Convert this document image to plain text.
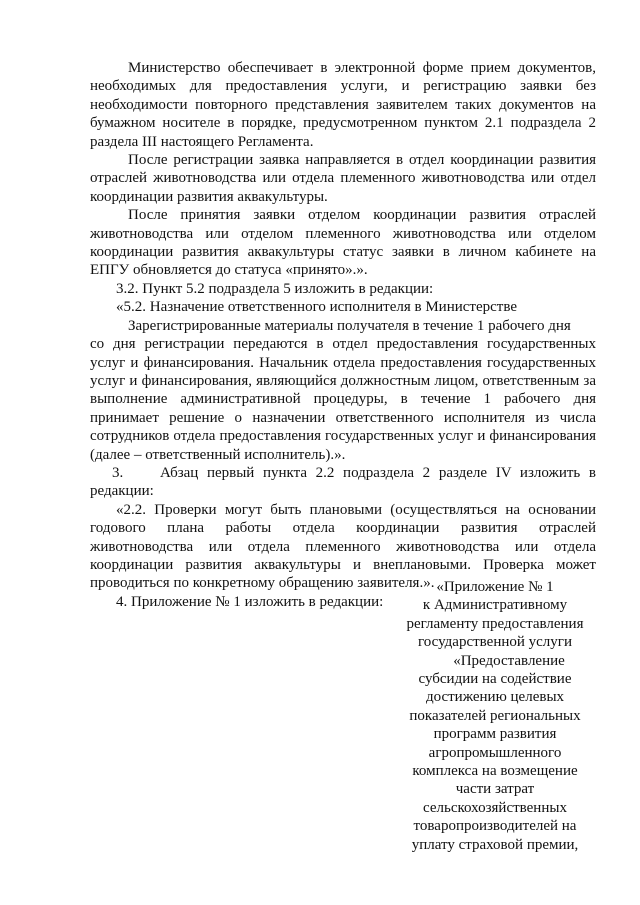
Министерство обеспечивает в электронной форме прием документов, необходимых для предоставления услуги, и регистрацию заявки без необходимости повторного представления заявителем таких документов на бумажном носителе в порядке, предусмотренном пунктом 2.1 подраздела 2 раздела III настоящего Регламента.

После регистрации заявка направляется в отдел координации развития отраслей животноводства или отдела племенного животноводства или отдел координации развития аквакультуры.

После принятия заявки отделом координации развития отраслей животноводства или отделом племенного животноводства или отделом координации развития аквакультуры статус заявки в личном кабинете на ЕПГУ обновляется до статуса «принято».».

3.2. Пункт 5.2 подраздела 5 изложить в редакции:

«5.2. Назначение ответственного исполнителя в Министерстве

Зарегистрированные материалы получателя в течение 1 рабочего дня

со дня регистрации передаются в отдел предоставления государственных услуг и финансирования. Начальник отдела предоставления государственных услуг и финансирования, являющийся должностным лицом, ответственным за выполнение административной процедуры, в течение 1 рабочего дня принимает решение о назначении ответственного исполнителя из числа сотрудников отдела предоставления государственных услуг и финансирования (далее – ответственный исполнитель).».

3. Абзац первый пункта 2.2 подраздела 2 разделе IV изложить в редакции:

«2.2. Проверки могут быть плановыми (осуществляться на основании годового плана работы отдела координации развития отраслей животноводства или отдела племенного животноводства или отдела координации развития аквакультуры и внеплановыми. Проверка может проводиться по конкретному обращению заявителя.».

4. Приложение № 1 изложить в редакции:

«Приложение № 1
к Административному
регламенту предоставления
государственной услуги
«Предоставление
субсидии на содействие
достижению целевых
показателей региональных
программ развития
агропромышленного
комплекса на возмещение
части затрат
сельскохозяйственных
товаропроизводителей на
уплату страховой премии,
